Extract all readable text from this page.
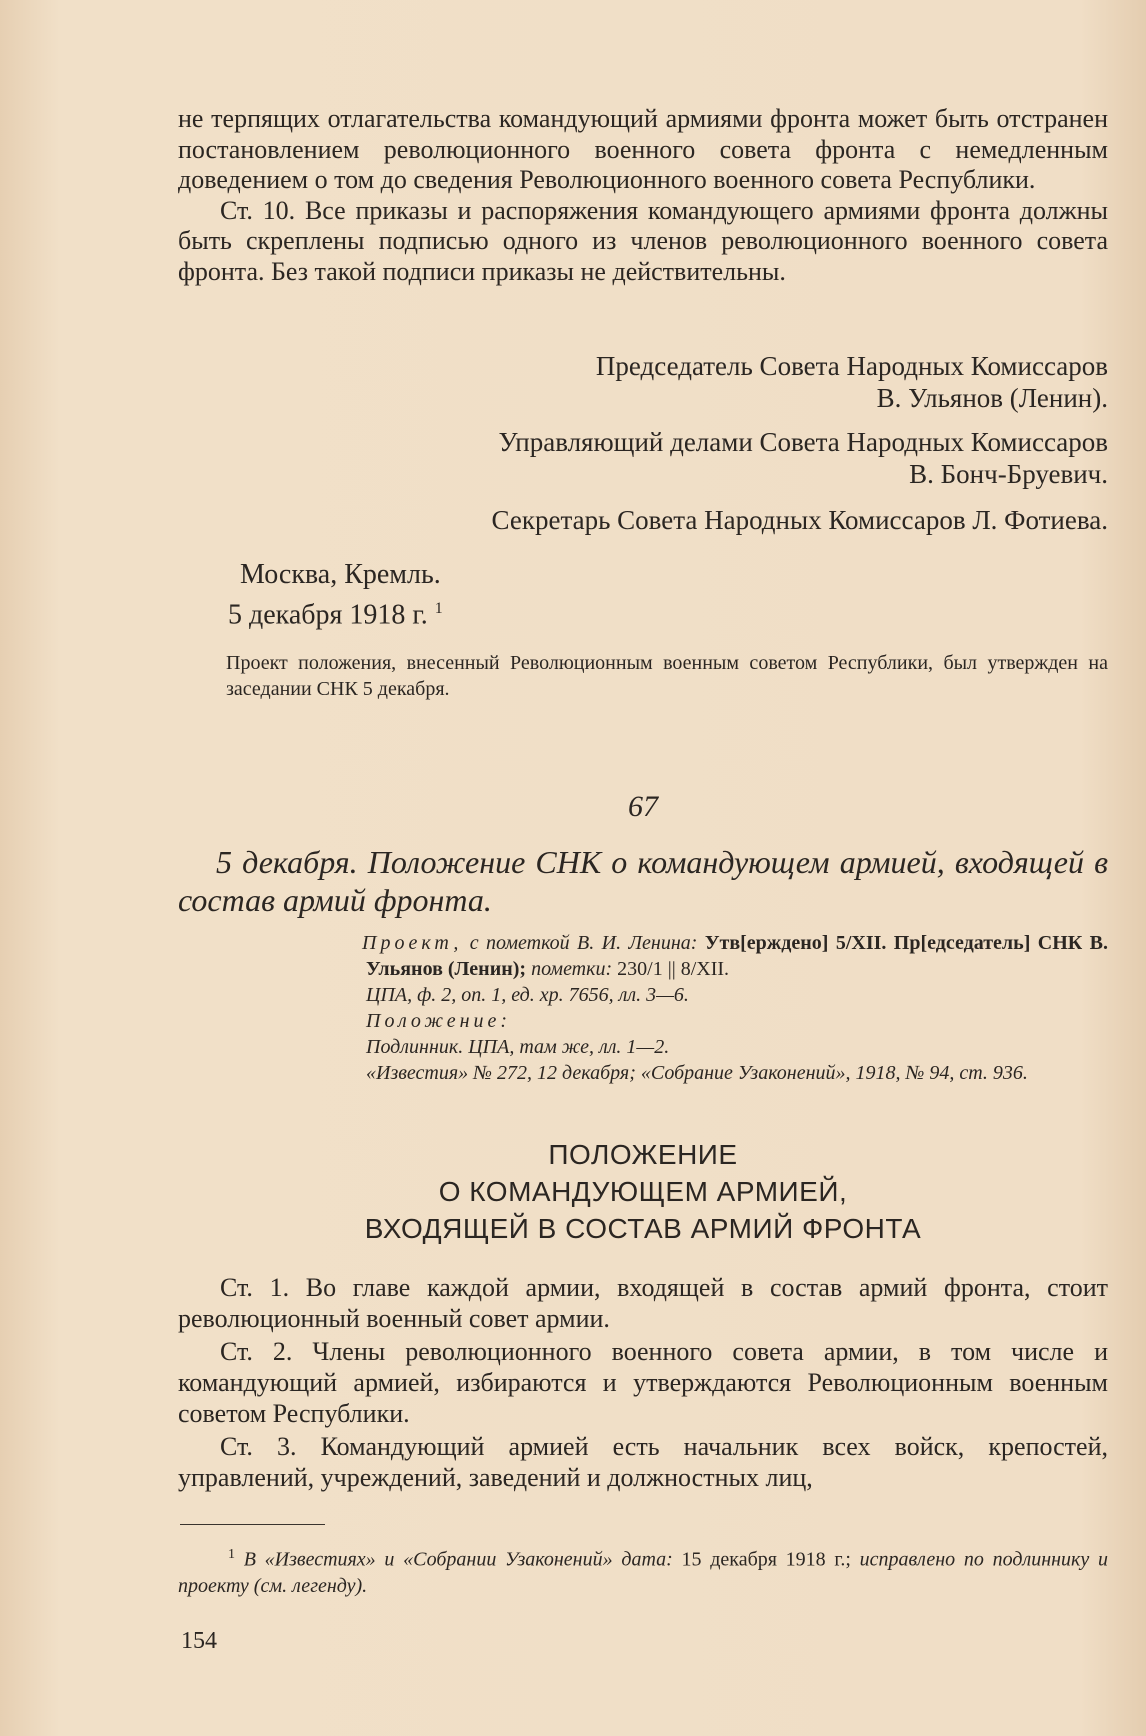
не терпящих отлагательства командующий армиями фронта может быть отстранен постановлением революционного военного совета фронта с немедленным доведением о том до сведения Революционного военного совета Республики.

Ст. 10. Все приказы и распоряжения командующего армиями фронта должны быть скреплены подписью одного из членов революционного военного совета фронта. Без такой подписи приказы не действительны.

Председатель Совета Народных Комиссаров

В. Ульянов (Ленин).

Управляющий делами Совета Народных Комиссаров

В. Бонч-Бруевич.

Секретарь Совета Народных Комиссаров Л. Фотиева.

Москва, Кремль.

5 декабря 1918 г. $^1$

Проект положения, внесенный Революционным военным советом Республики, был утвержден на заседании СНК 5 декабря.

67

5 декабря. Положение СНК о командующем армией, входящей в состав армий фронта.

Проект, с пометкой В. И. Ленина: Утв[ерждено] 5/XII. Пр[едседатель] СНК В. Ульянов (Ленин); пометки: 230/1 || 8/XII.

ЦПА, ф. 2, оп. 1, ед. хр. 7656, лл. 3—6.

Положение:

Подлинник. ЦПА, там же, лл. 1—2.

«Известия» № 272, 12 декабря; «Собрание Узаконений», 1918, № 94, ст. 936.

ПОЛОЖЕНИЕ

О КОМАНДУЮЩЕМ АРМИЕЙ,

ВХОДЯЩЕЙ В СОСТАВ АРМИЙ ФРОНТА

Ст. 1. Во главе каждой армии, входящей в состав армий фронта, стоит революционный военный совет армии.

Ст. 2. Члены революционного военного совета армии, в том числе и командующий армией, избираются и утверждаются Революционным военным советом Республики.

Ст. 3. Командующий армией есть начальник всех войск, крепостей, управлений, учреждений, заведений и должностных лиц,

$^1$ В «Известиях» и «Собрании Узаконений» дата: 15 декабря 1918 г.; исправлено по подлиннику и проекту (см. легенду).

154
